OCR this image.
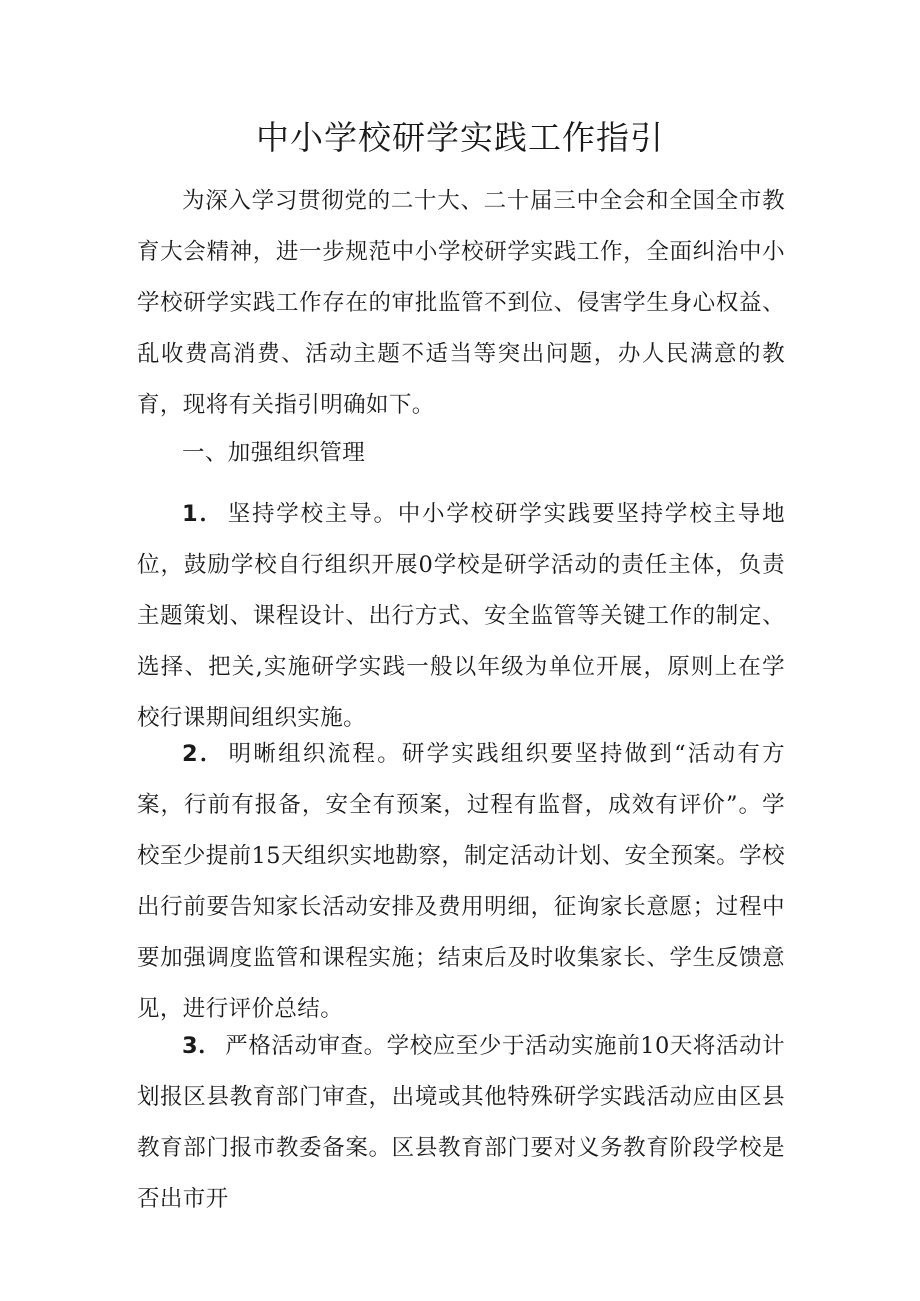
中小学校研学实践工作指引

为深入学习贯彻党的二十大、二十届三中全会和全国全市教育大会精神，进一步规范中小学校研学实践工作，全面纠治中小学校研学实践工作存在的审批监管不到位、侵害学生身心权益、乱收费高消费、活动主题不适当等突出问题，办人民满意的教育，现将有关指引明确如下。

一、加强组织管理

1． 坚持学校主导。中小学校研学实践要坚持学校主导地位，鼓励学校自行组织开展0学校是研学活动的责任主体，负责主题策划、课程设计、出行方式、安全监管等关键工作的制定、选择、把关,实施研学实践一般以年级为单位开展，原则上在学校行课期间组织实施。

2． 明晰组织流程。研学实践组织要坚持做到“活动有方案，行前有报备，安全有预案，过程有监督，成效有评价”。学校至少提前15天组织实地勘察，制定活动计划、安全预案。学校出行前要告知家长活动安排及费用明细，征询家长意愿；过程中要加强调度监管和课程实施；结束后及时收集家长、学生反馈意见，进行评价总结。

3． 严格活动审查。学校应至少于活动实施前10天将活动计划报区县教育部门审查，出境或其他特殊研学实践活动应由区县教育部门报市教委备案。区县教育部门要对义务教育阶段学校是否出市开
